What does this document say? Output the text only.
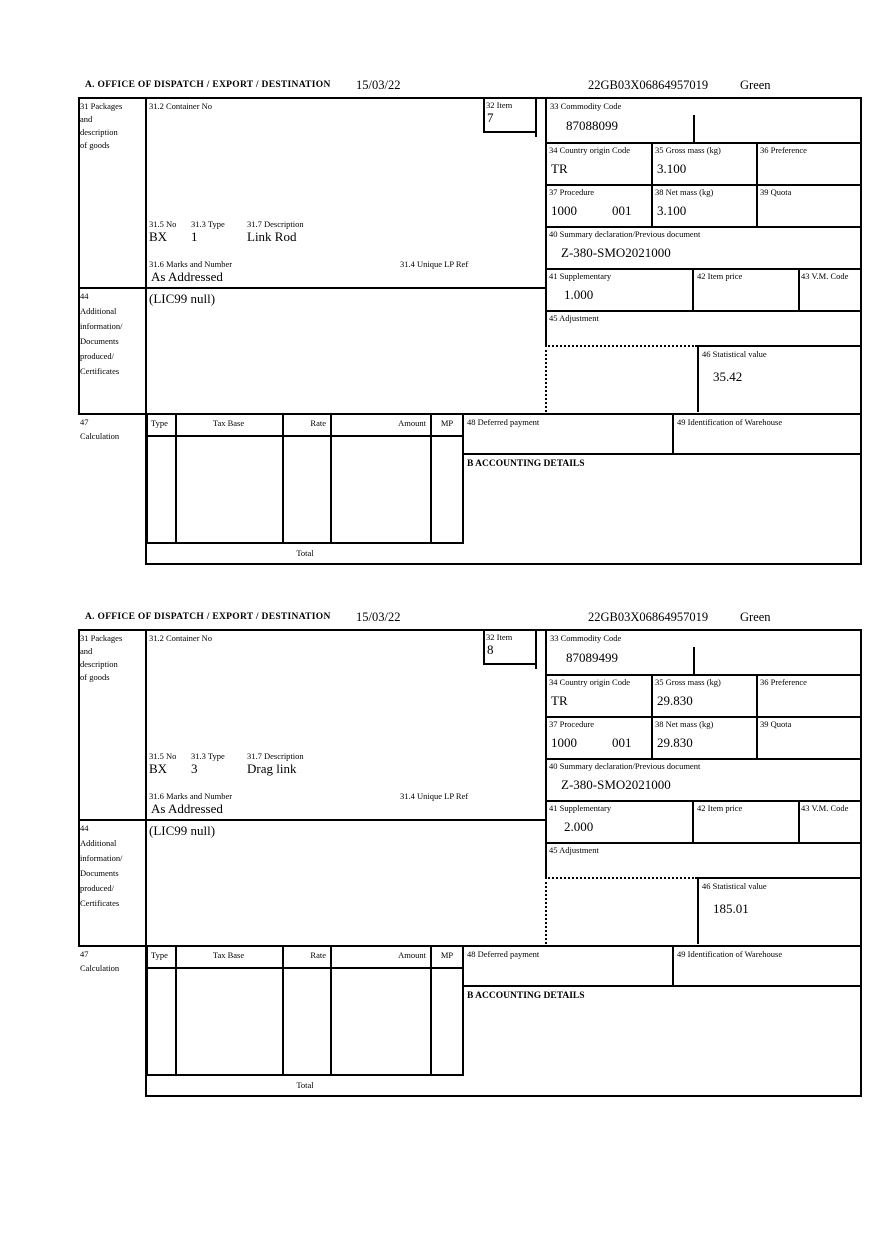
A. OFFICE OF DISPATCH / EXPORT / DESTINATION 15/03/22	22GB03X06864957019	Green
31 Packages
and
description
of goods
31.2 Container No	32 Item
7
33 Commodity Code
87088099
34 Country origin Code
TR
35 Gross mass (kg)
3.100
36 Preference
37 Procedure
1000	001
38 Net mass (kg)
3.100
39 Quota
40 Summary declaration/Previous document
Z-380-SMO2021000
41 Supplementary
1.000
42 Item price	43 V.M. Code
45 Adjustment
46 Statistical value
35.42
31.5 No 31.3 Type	31.7 Description
BX 1	Link Rod
31.6 Marks and Number	31.4 Unique LP Ref
As Addressed
44
Additional
information/
Documents
produced/
Certificates
(LIC99 null)
47
Calculation
Type	Tax Base	Rate	Amount	MP
Total
48 Deferred payment	49 Identification of Warehouse
B ACCOUNTING DETAILS
A. OFFICE OF DISPATCH / EXPORT / DESTINATION 15/03/22	22GB03X06864957019	Green
31 Packages
and
description
of goods
31.2 Container No	32 Item
8
33 Commodity Code
87089499
34 Country origin Code
TR
35 Gross mass (kg)
29.830
36 Preference
37 Procedure
1000	001
38 Net mass (kg)
29.830
39 Quota
40 Summary declaration/Previous document
Z-380-SMO2021000
41 Supplementary
2.000
42 Item price	43 V.M. Code
45 Adjustment
46 Statistical value
185.01
31.5 No 31.3 Type	31.7 Description
BX 3	Drag link
31.6 Marks and Number	31.4 Unique LP Ref
As Addressed
44
Additional
information/
Documents
produced/
Certificates
(LIC99 null)
47
Calculation
Type	Tax Base	Rate	Amount	MP
Total
48 Deferred payment	49 Identification of Warehouse
B ACCOUNTING DETAILS
